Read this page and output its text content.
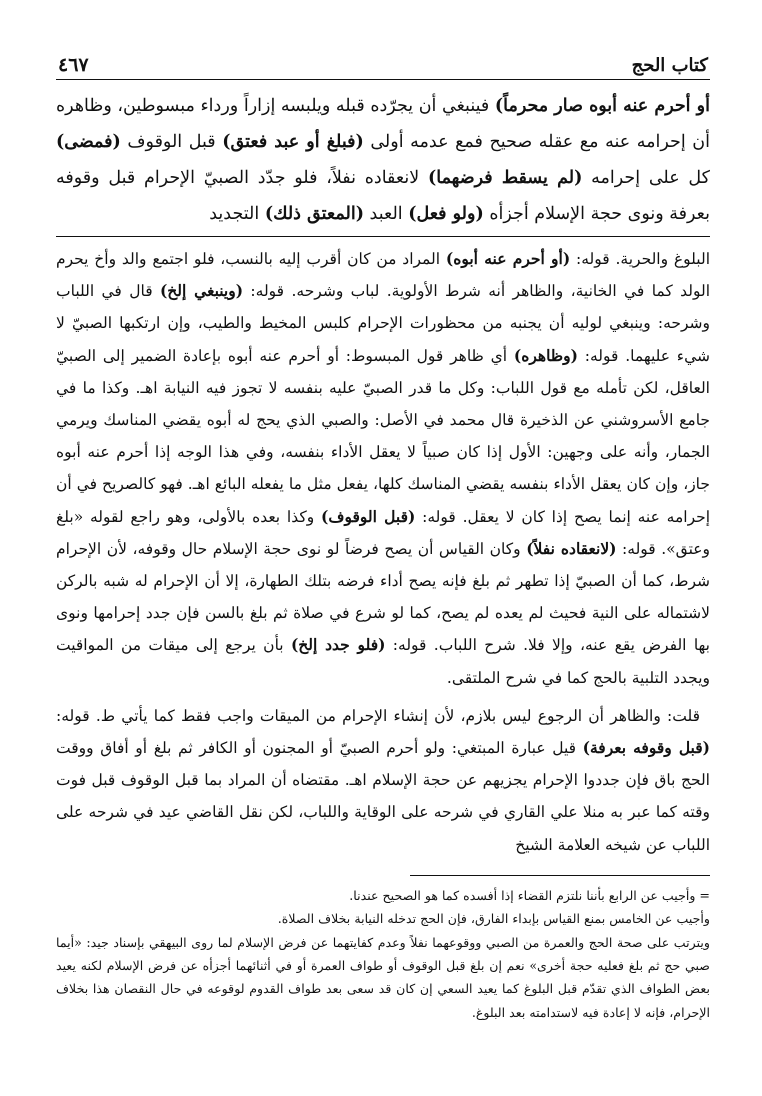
كتاب الحج
٤٦٧
أو أحرم عنه أبوه صار محرماً) فينبغي أن يجرّده قبله ويلبسه إزاراً ورداء مبسوطين، وظاهره أن إحرامه عنه مع عقله صحيح فمع عدمه أولى (فبلغ أو عبد فعتق) قبل الوقوف (فمضى) كل على إحرامه (لم يسقط فرضهما) لانعقاده نفلاً، فلو جدّد الصبيّ الإحرام قبل وقوفه بعرفة ونوى حجة الإسلام أجزأه (ولو فعل) العبد (المعتق ذلك) التجديد
البلوغ والحرية. قوله: (أو أحرم عنه أبوه) المراد من كان أقرب إليه بالنسب، فلو اجتمع والد وأخ يحرم الولد كما في الخانية، والظاهر أنه شرط الأولوية. لباب وشرحه. قوله: (وينبغي إلخ) قال في اللباب وشرحه: وينبغي لوليه أن يجنبه من محظورات الإحرام كلبس المخيط والطيب، وإن ارتكبها الصبيّ لا شيء عليهما. قوله: (وظاهره) أي ظاهر قول المبسوط: أو أحرم عنه أبوه بإعادة الضمير إلى الصبيّ العاقل، لكن تأمله مع قول اللباب: وكل ما قدر الصبيّ عليه بنفسه لا تجوز فيه النيابة اهـ. وكذا ما في جامع الأسروشني عن الذخيرة قال محمد في الأصل: والصبي الذي يحج له أبوه يقضي المناسك ويرمي الجمار، وأنه على وجهين: الأول إذا كان صبياً لا يعقل الأداء بنفسه، وفي هذا الوجه إذا أحرم عنه أبوه جاز، وإن كان يعقل الأداء بنفسه يقضي المناسك كلها، يفعل مثل ما يفعله البائع اهـ. فهو كالصريح في أن إحرامه عنه إنما يصح إذا كان لا يعقل. قوله: (قبل الوقوف) وكذا بعده بالأولى، وهو راجع لقوله «بلغ وعتق». قوله: (لانعقاده نفلاً) وكان القياس أن يصح فرضاً لو نوى حجة الإسلام حال وقوفه، لأن الإحرام شرط، كما أن الصبيّ إذا تطهر ثم بلغ فإنه يصح أداء فرضه بتلك الطهارة، إلا أن الإحرام له شبه بالركن لاشتماله على النية فحيث لم يعده لم يصح، كما لو شرع في صلاة ثم بلغ بالسن فإن جدد إحرامها ونوى بها الفرض يقع عنه، وإلا فلا. شرح اللباب. قوله: (فلو جدد إلخ) بأن يرجع إلى ميقات من المواقيت ويجدد التلبية بالحج كما في شرح الملتقى.
قلت: والظاهر أن الرجوع ليس بلازم، لأن إنشاء الإحرام من الميقات واجب فقط كما يأتي ط. قوله: (قبل وقوفه بعرفة) قيل عبارة المبتغي: ولو أحرم الصبيّ أو المجنون أو الكافر ثم بلغ أو أفاق ووقت الحج باق فإن جددوا الإحرام يجزيهم عن حجة الإسلام اهـ. مقتضاه أن المراد بما قبل الوقوف قبل فوت وقته كما عبر به منلا علي القاري في شرحه على الوقاية واللباب، لكن نقل القاضي عيد في شرحه على اللباب عن شيخه العلامة الشيخ
= وأجيب عن الرابع بأننا نلتزم القضاء إذا أفسده كما هو الصحيح عندنا.
وأجيب عن الخامس بمنع القياس بإبداء الفارق، فإن الحج تدخله النيابة بخلاف الصلاة.
ويترتب على صحة الحج والعمرة من الصبي ووقوعهما نفلاً وعدم كفايتهما عن فرض الإسلام لما روى البيهقي بإسناد جيد: «أيما صبي حج ثم بلغ فعليه حجة أخرى» نعم إن بلغ قبل الوقوف أو طواف العمرة أو في أثنائهما أجزأه عن فرض الإسلام لكنه يعيد بعض الطواف الذي تقدّم قبل البلوغ كما يعيد السعي إن كان قد سعى بعد طواف القدوم لوقوعه في حال النقصان هذا بخلاف الإحرام، فإنه لا إعادة فيه لاستدامته بعد البلوغ.
